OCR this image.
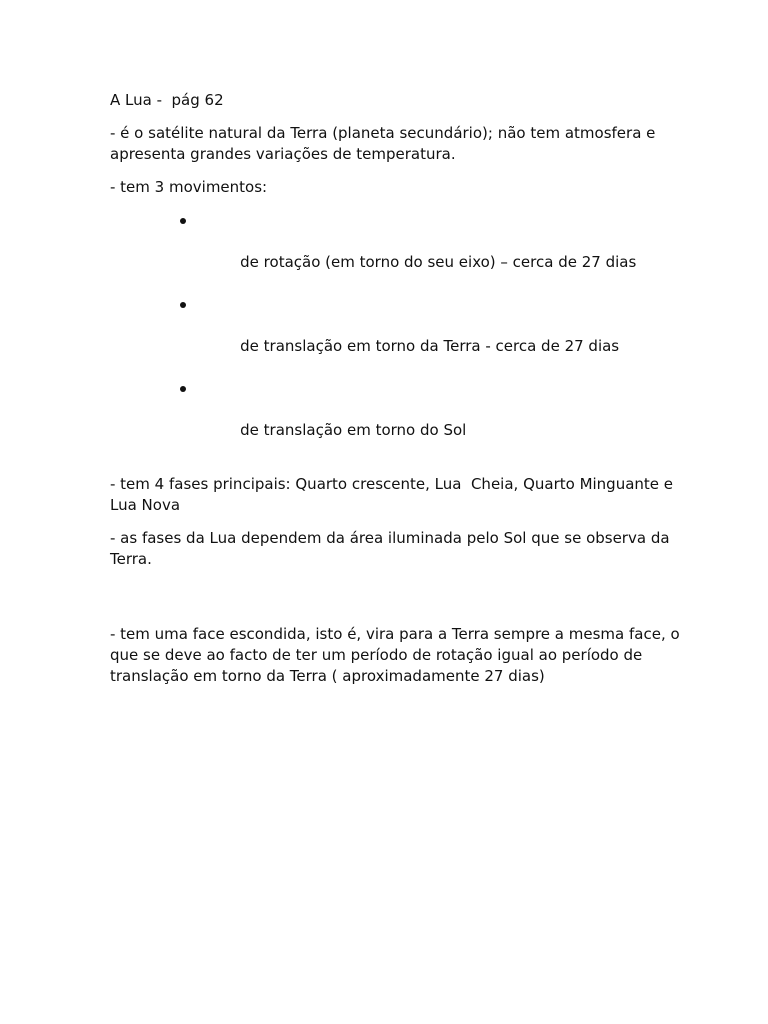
A Lua -  pág 62

- é o satélite natural da Terra (planeta secundário); não tem atmosfera e apresenta grandes variações de temperatura.

- tem 3 movimentos:

de rotação (em torno do seu eixo) – cerca de 27 dias

de translação em torno da Terra - cerca de 27 dias

de translação em torno do Sol

- tem 4 fases principais: Quarto crescente, Lua  Cheia, Quarto Minguante e Lua Nova

- as fases da Lua dependem da área iluminada pelo Sol que se observa da Terra.

- tem uma face escondida, isto é, vira para a Terra sempre a mesma face, o que se deve ao facto de ter um período de rotação igual ao período de translação em torno da Terra ( aproximadamente 27 dias)
